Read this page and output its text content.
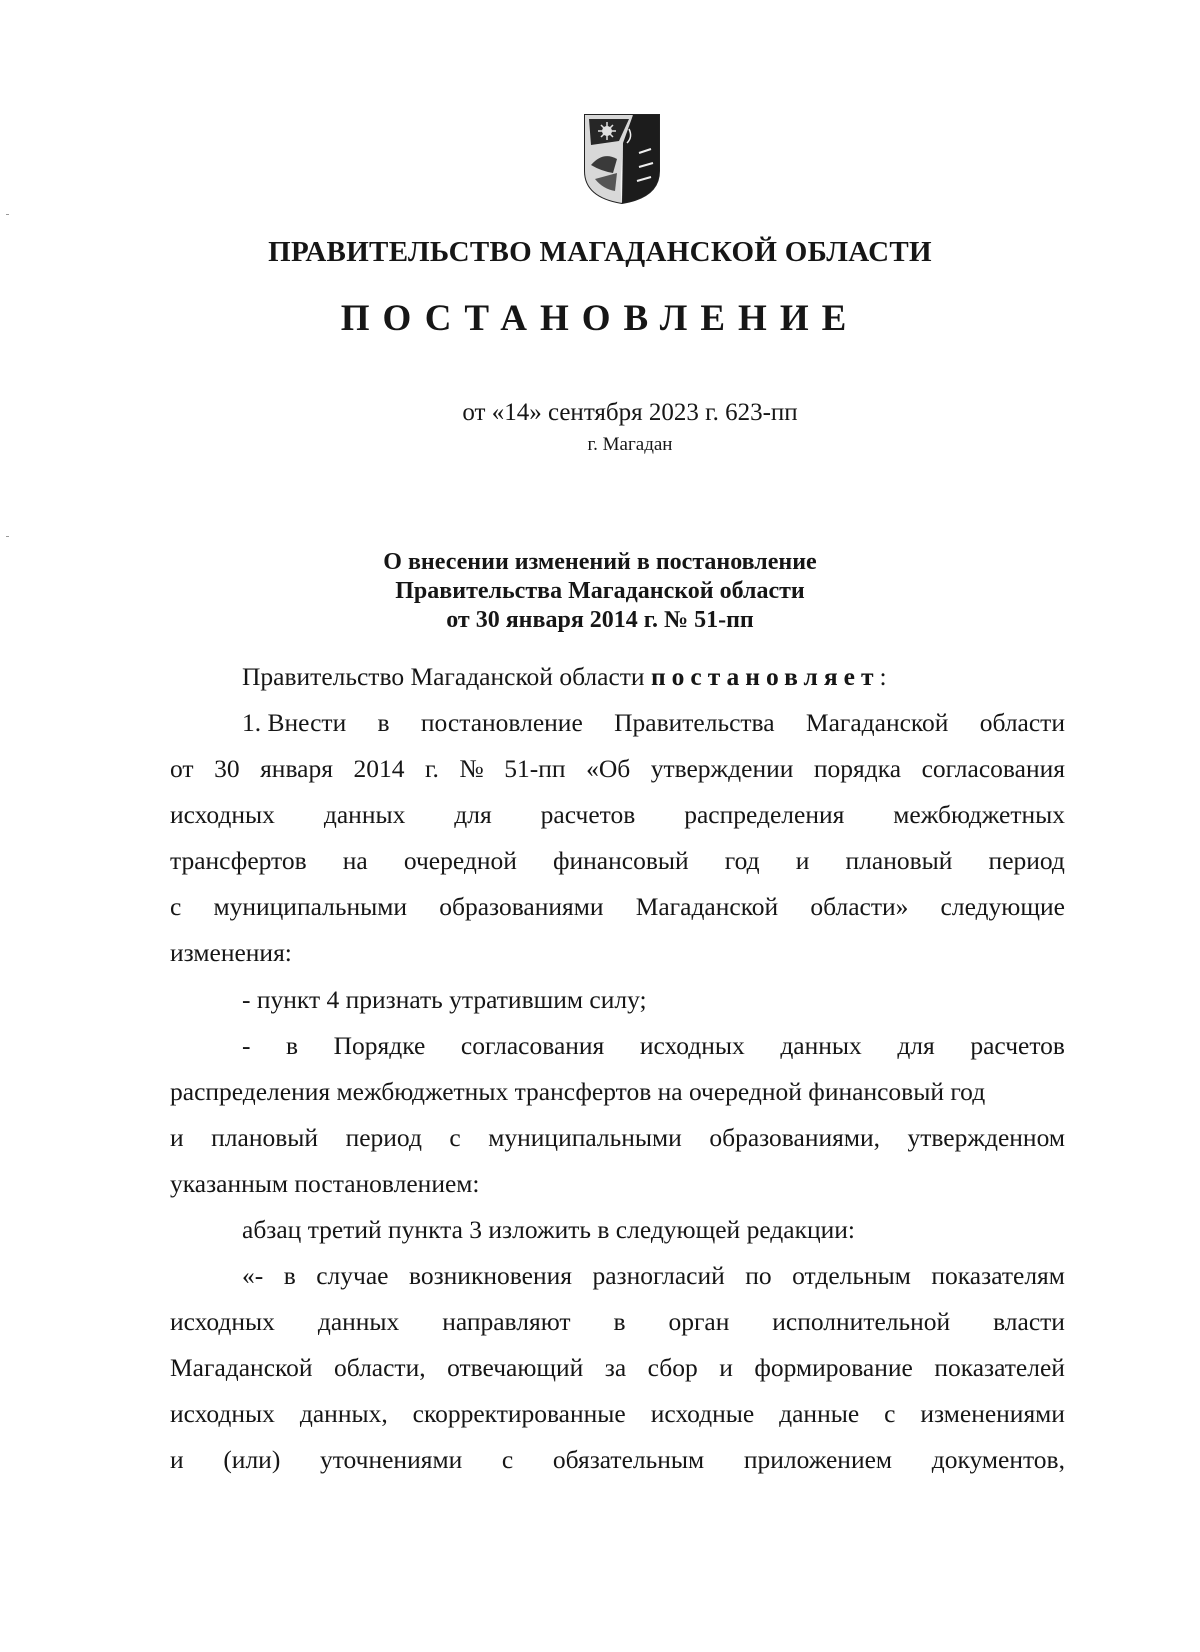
ПРАВИТЕЛЬСТВО МАГАДАНСКОЙ ОБЛАСТИ
ПОСТАНОВЛЕНИЕ
от «14» сентября 2023 г. 623-пп
г. Магадан
О внесении изменений в постановление
Правительства Магаданской области
от 30 января 2014 г. № 51-пп
Правительство Магаданской области постановляет:
1. Внести в постановление Правительства Магаданской области
от 30 января 2014 г. № 51-пп «Об утверждении порядка согласования
исходных данных для расчетов распределения межбюджетных
трансфертов на очередной финансовый год и плановый период
с муниципальными образованиями Магаданской области» следующие
изменения:
- пункт 4 признать утратившим силу;
- в Порядке согласования исходных данных для расчетов
распределения межбюджетных трансфертов на очередной финансовый год
и плановый период с муниципальными образованиями, утвержденном
указанным постановлением:
абзац третий пункта 3 изложить в следующей редакции:
«- в случае возникновения разногласий по отдельным показателям
исходных данных направляют в орган исполнительной власти
Магаданской области, отвечающий за сбор и формирование показателей
исходных данных, скорректированные исходные данные с изменениями
и (или) уточнениями с обязательным приложением документов,
